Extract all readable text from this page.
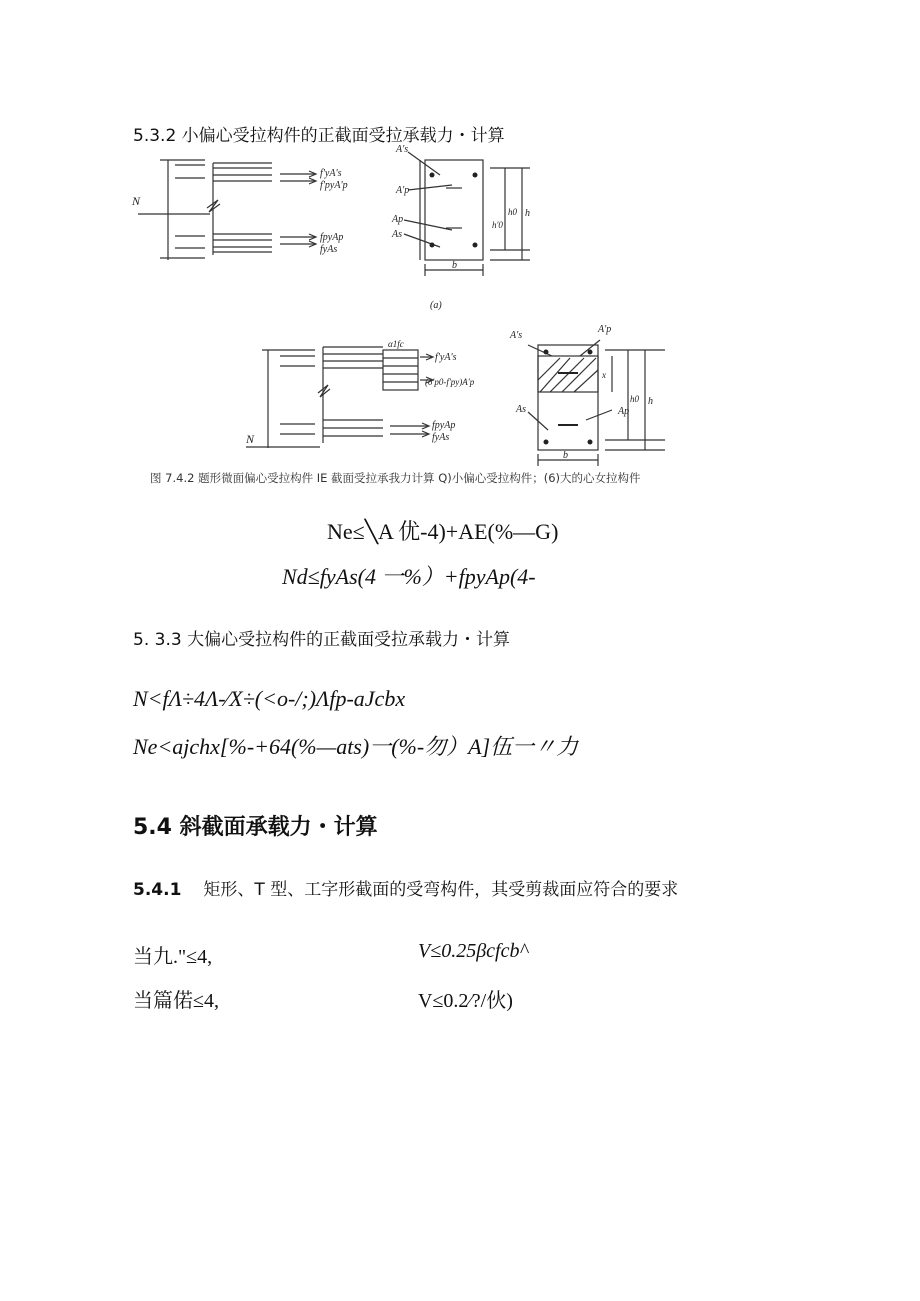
5.3.2 小偏心受拉构件的正截面受拉承载力・计算
f'yA's
f'pyA'p
fpyAp
fyAs
A's
A'p
Ap
As
h'0
h0 h
b
N
(a)
α1fc
f'yA's
(σ'p0-f'py)A'p
fpyAp
fyAs
A's
A'p
As	Ap
x
h0 h
b
N
图 7.4.2 题形微面偏心受拉构件 IE 截面受拉承我力计算 Q)小偏心受拉构件；(6)大的心女拉构件
Ne≤╲A 优-4)+AE(%—G)
Nd≤fyAs(4 一%）+fpyAp(4-
5. 3.3 大偏心受拉构件的正截面受拉承载力・计算
N<fΛ÷4Λ-⁄X÷(<o-/;)Λfp-aJcbx
Ne<ajchx[%-+64(%—ats)一(%-勿）A]伍一〃力
5.4 斜截面承载力・计算
5.4.1 矩形、T 型、工字形截面的受弯构件，其受剪裁面应符合的要求
当九."≤4,	V≤0.25βcfcb^
当篇偌≤4,	V≤0.2⁄?/伙)
